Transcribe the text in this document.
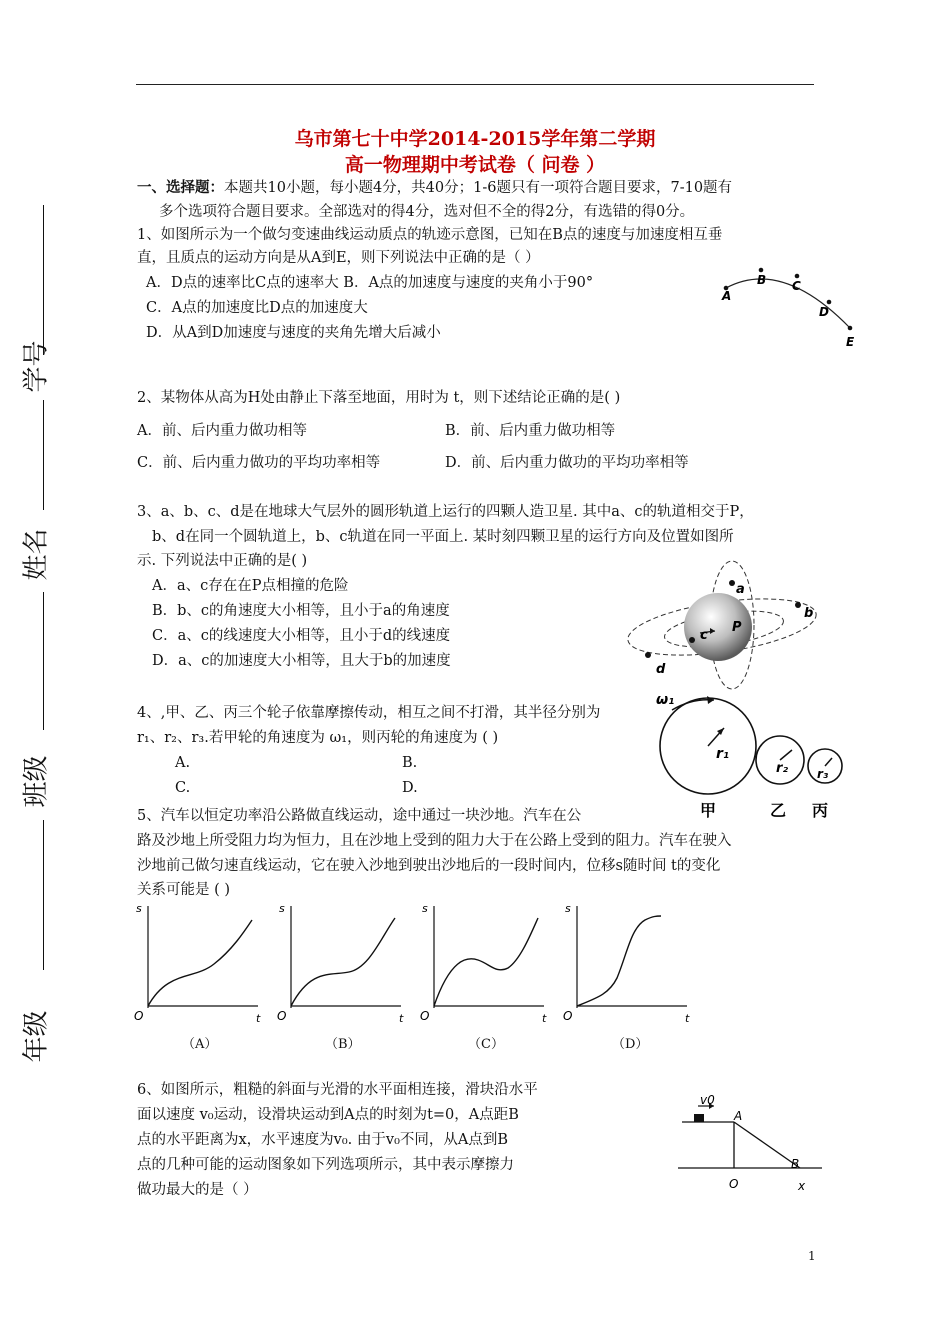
乌市第七十中学2014-2015学年第二学期
高一物理期中考试卷（ 问卷 ）
学号
姓名
班级
年级
一、选择题：本题共10小题，每小题4分，共40分；1-6题只有一项符合题目要求，7-10题有
多个选项符合题目要求。全部选对的得4分，选对但不全的得2分，有选错的得0分。
1、如图所示为一个做匀变速曲线运动质点的轨迹示意图，已知在B点的速度与加速度相互垂
直，且质点的运动方向是从A到E，则下列说法中正确的是（ ）
A．D点的速率比C点的速率大 B．A点的加速度与速度的夹角小于90°
C．A点的加速度比D点的加速度大
D．从A到D加速度与速度的夹角先增大后减小
A
B C
D
E
2、某物体从高为H处由静止下落至地面，用时为 t，则下述结论正确的是( )
A．前、后内重力做功相等	B．前、后内重力做功相等
C．前、后内重力做功的平均功率相等	D．前、后内重力做功的平均功率相等
3、a、b、c、d是在地球大气层外的圆形轨道上运行的四颗人造卫星. 其中a、c的轨道相交于P，
b、d在同一个圆轨道上，b、c轨道在同一平面上. 某时刻四颗卫星的运行方向及位置如图所
示. 下列说法中正确的是( )
A．a、c存在在P点相撞的危险
B．b、c的角速度大小相等，且小于a的角速度
C．a、c的线速度大小相等，且小于d的线速度
D．a、c的加速度大小相等，且大于b的加速度
a
b
c
d
P
4、,甲、乙、丙三个轮子依靠摩擦传动，相互之间不打滑，其半径分别为
r₁、r₂、r₃.若甲轮的角速度为 ω₁，则丙轮的角速度为 ( )
A.	B.
C.	D.
ω₁
r₁
r₂ r₃
甲	乙 丙
5、汽车以恒定功率沿公路做直线运动，途中通过一块沙地。汽车在公
路及沙地上所受阻力均为恒力，且在沙地上受到的阻力大于在公路上受到的阻力。汽车在驶入
沙地前己做匀速直线运动，它在驶入沙地到驶出沙地后的一段时间内，位移s随时间 t的变化
关系可能是 ( )
s
O	t
s
O	t
s
O	t
s
O	t
（A）	（B）	（C）	（D）
6、如图所示，粗糙的斜面与光滑的水平面相连接，滑块沿水平
面以速度 v₀运动，设滑块运动到A点的时刻为t=0，A点距B
点的水平距离为x，水平速度为v₀. 由于v₀不同，从A点到B
点的几种可能的运动图象如下列选项所示，其中表示摩擦力
做功最大的是（ ）
v0
A
B
O	x
1
